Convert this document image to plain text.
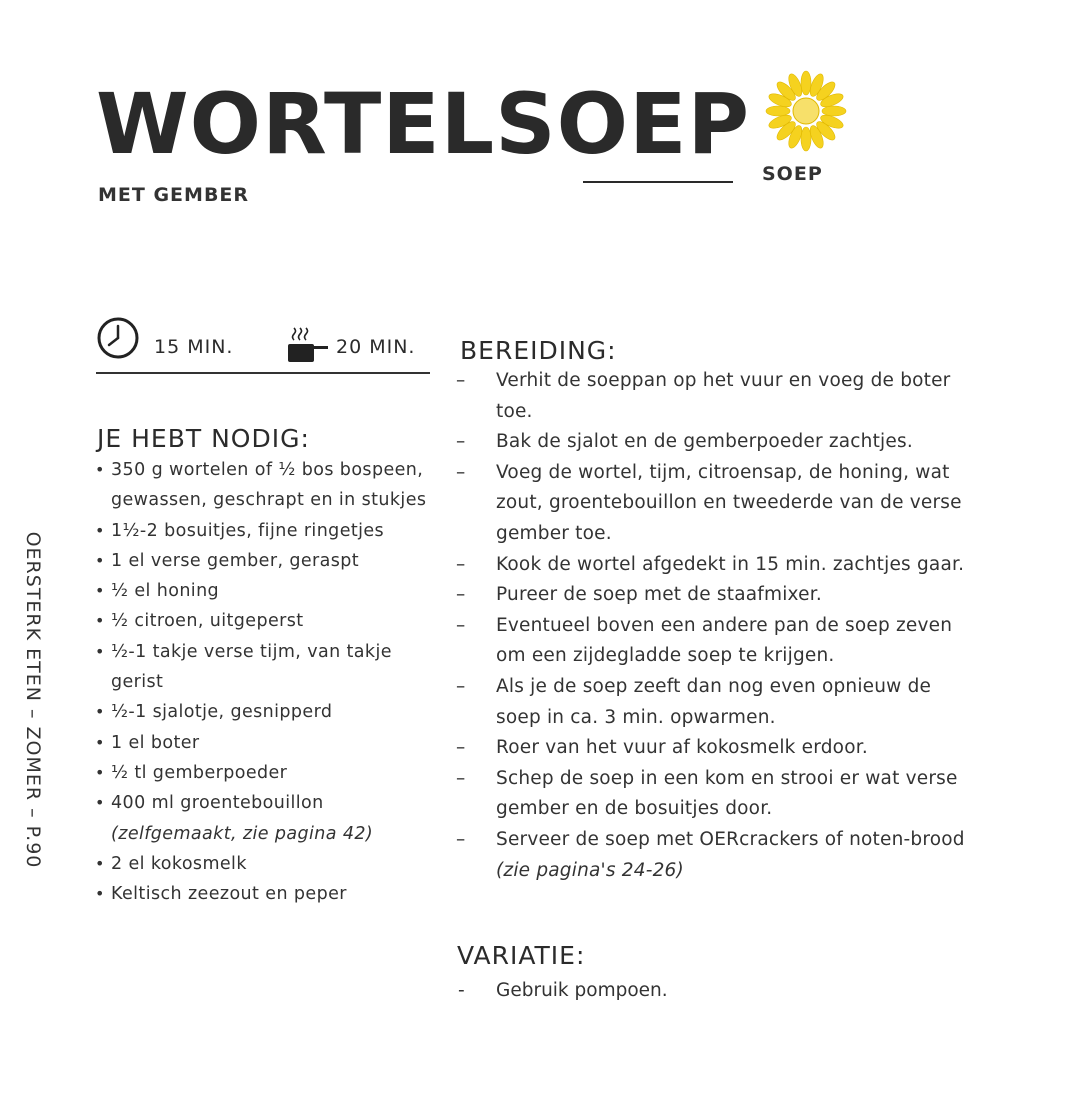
WORTELSOEP
MET GEMBER
SOEP
OERSTERK ETEN – ZOMER – P.90
15 MIN.	20 MIN.
JE HEBT NODIG:
• 350 g wortelen of ½ bos bospeen, gewassen, geschrapt en in stukjes
• 1½-2 bosuitjes, fijne ringetjes
• 1 el verse gember, geraspt
• ½ el honing
• ½ citroen, uitgeperst
• ½-1 takje verse tijm, van takje gerist
• ½-1 sjalotje, gesnipperd
• 1 el boter
• ½ tl gemberpoeder
• 400 ml groentebouillon
(zelfgemaakt, zie pagina 42)
• 2 el kokosmelk
• Keltisch zeezout en peper
BEREIDING:
– Verhit de soeppan op het vuur en voeg de boter toe.
– Bak de sjalot en de gemberpoeder zachtjes.
– Voeg de wortel, tijm, citroensap, de honing, wat zout, groentebouillon en tweederde van de verse gember toe.
– Kook de wortel afgedekt in 15 min. zachtjes gaar.
– Pureer de soep met de staafmixer.
– Eventueel boven een andere pan de soep zeven om een zijdegladde soep te krijgen.
– Als je de soep zeeft dan nog even opnieuw de soep in ca. 3 min. opwarmen.
– Roer van het vuur af kokosmelk erdoor.
– Schep de soep in een kom en strooi er wat verse gember en de bosuitjes door.
– Serveer de soep met OERcrackers of noten-brood (zie pagina's 24-26)
VARIATIE:
- Gebruik pompoen.
